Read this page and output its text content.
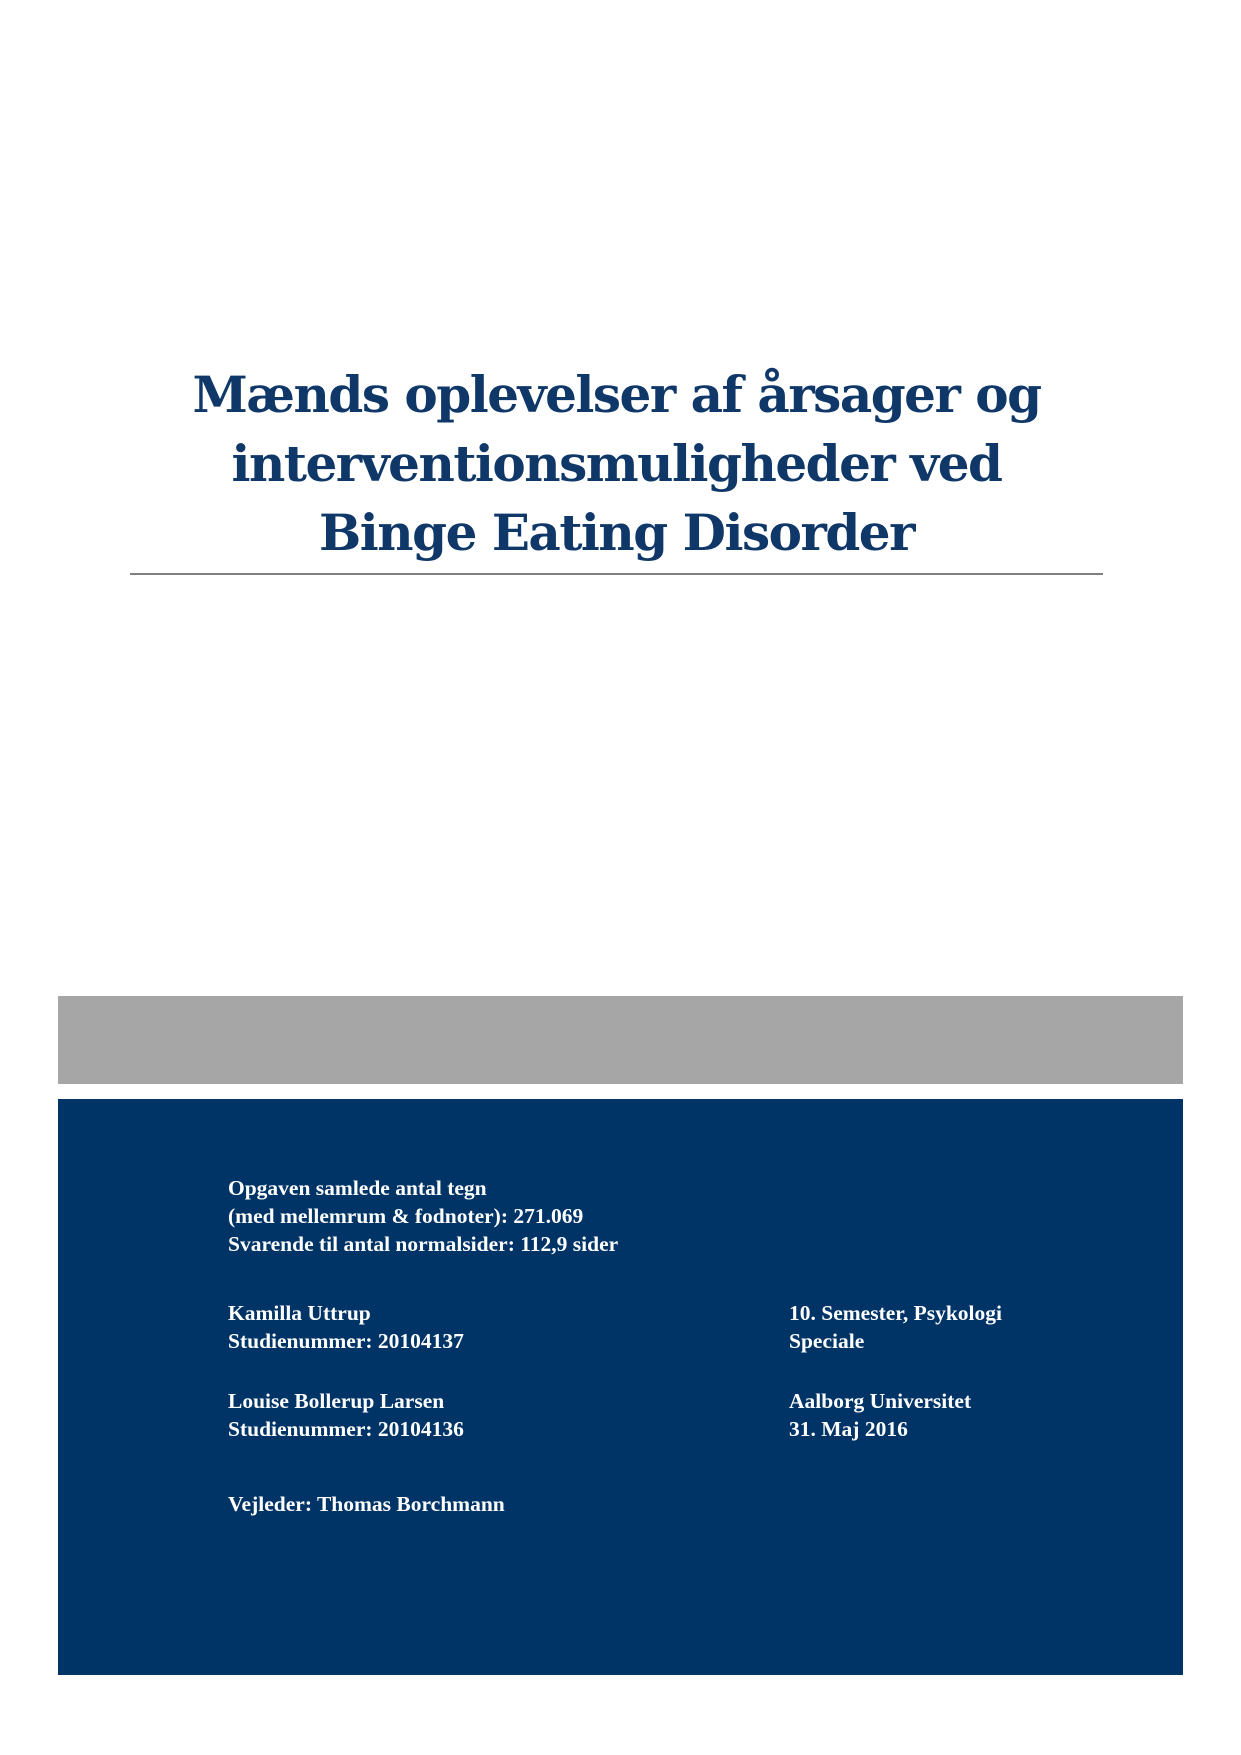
Mænds oplevelser af årsager og
interventionsmuligheder ved
Binge Eating Disorder
Opgaven samlede antal tegn
(med mellemrum & fodnoter): 271.069
Svarende til antal normalsider: 112,9 sider
Kamilla Uttrup
Studienummer: 20104137
Louise Bollerup Larsen
Studienummer: 20104136
Vejleder: Thomas Borchmann
10. Semester, Psykologi
Speciale
Aalborg Universitet
31. Maj 2016
